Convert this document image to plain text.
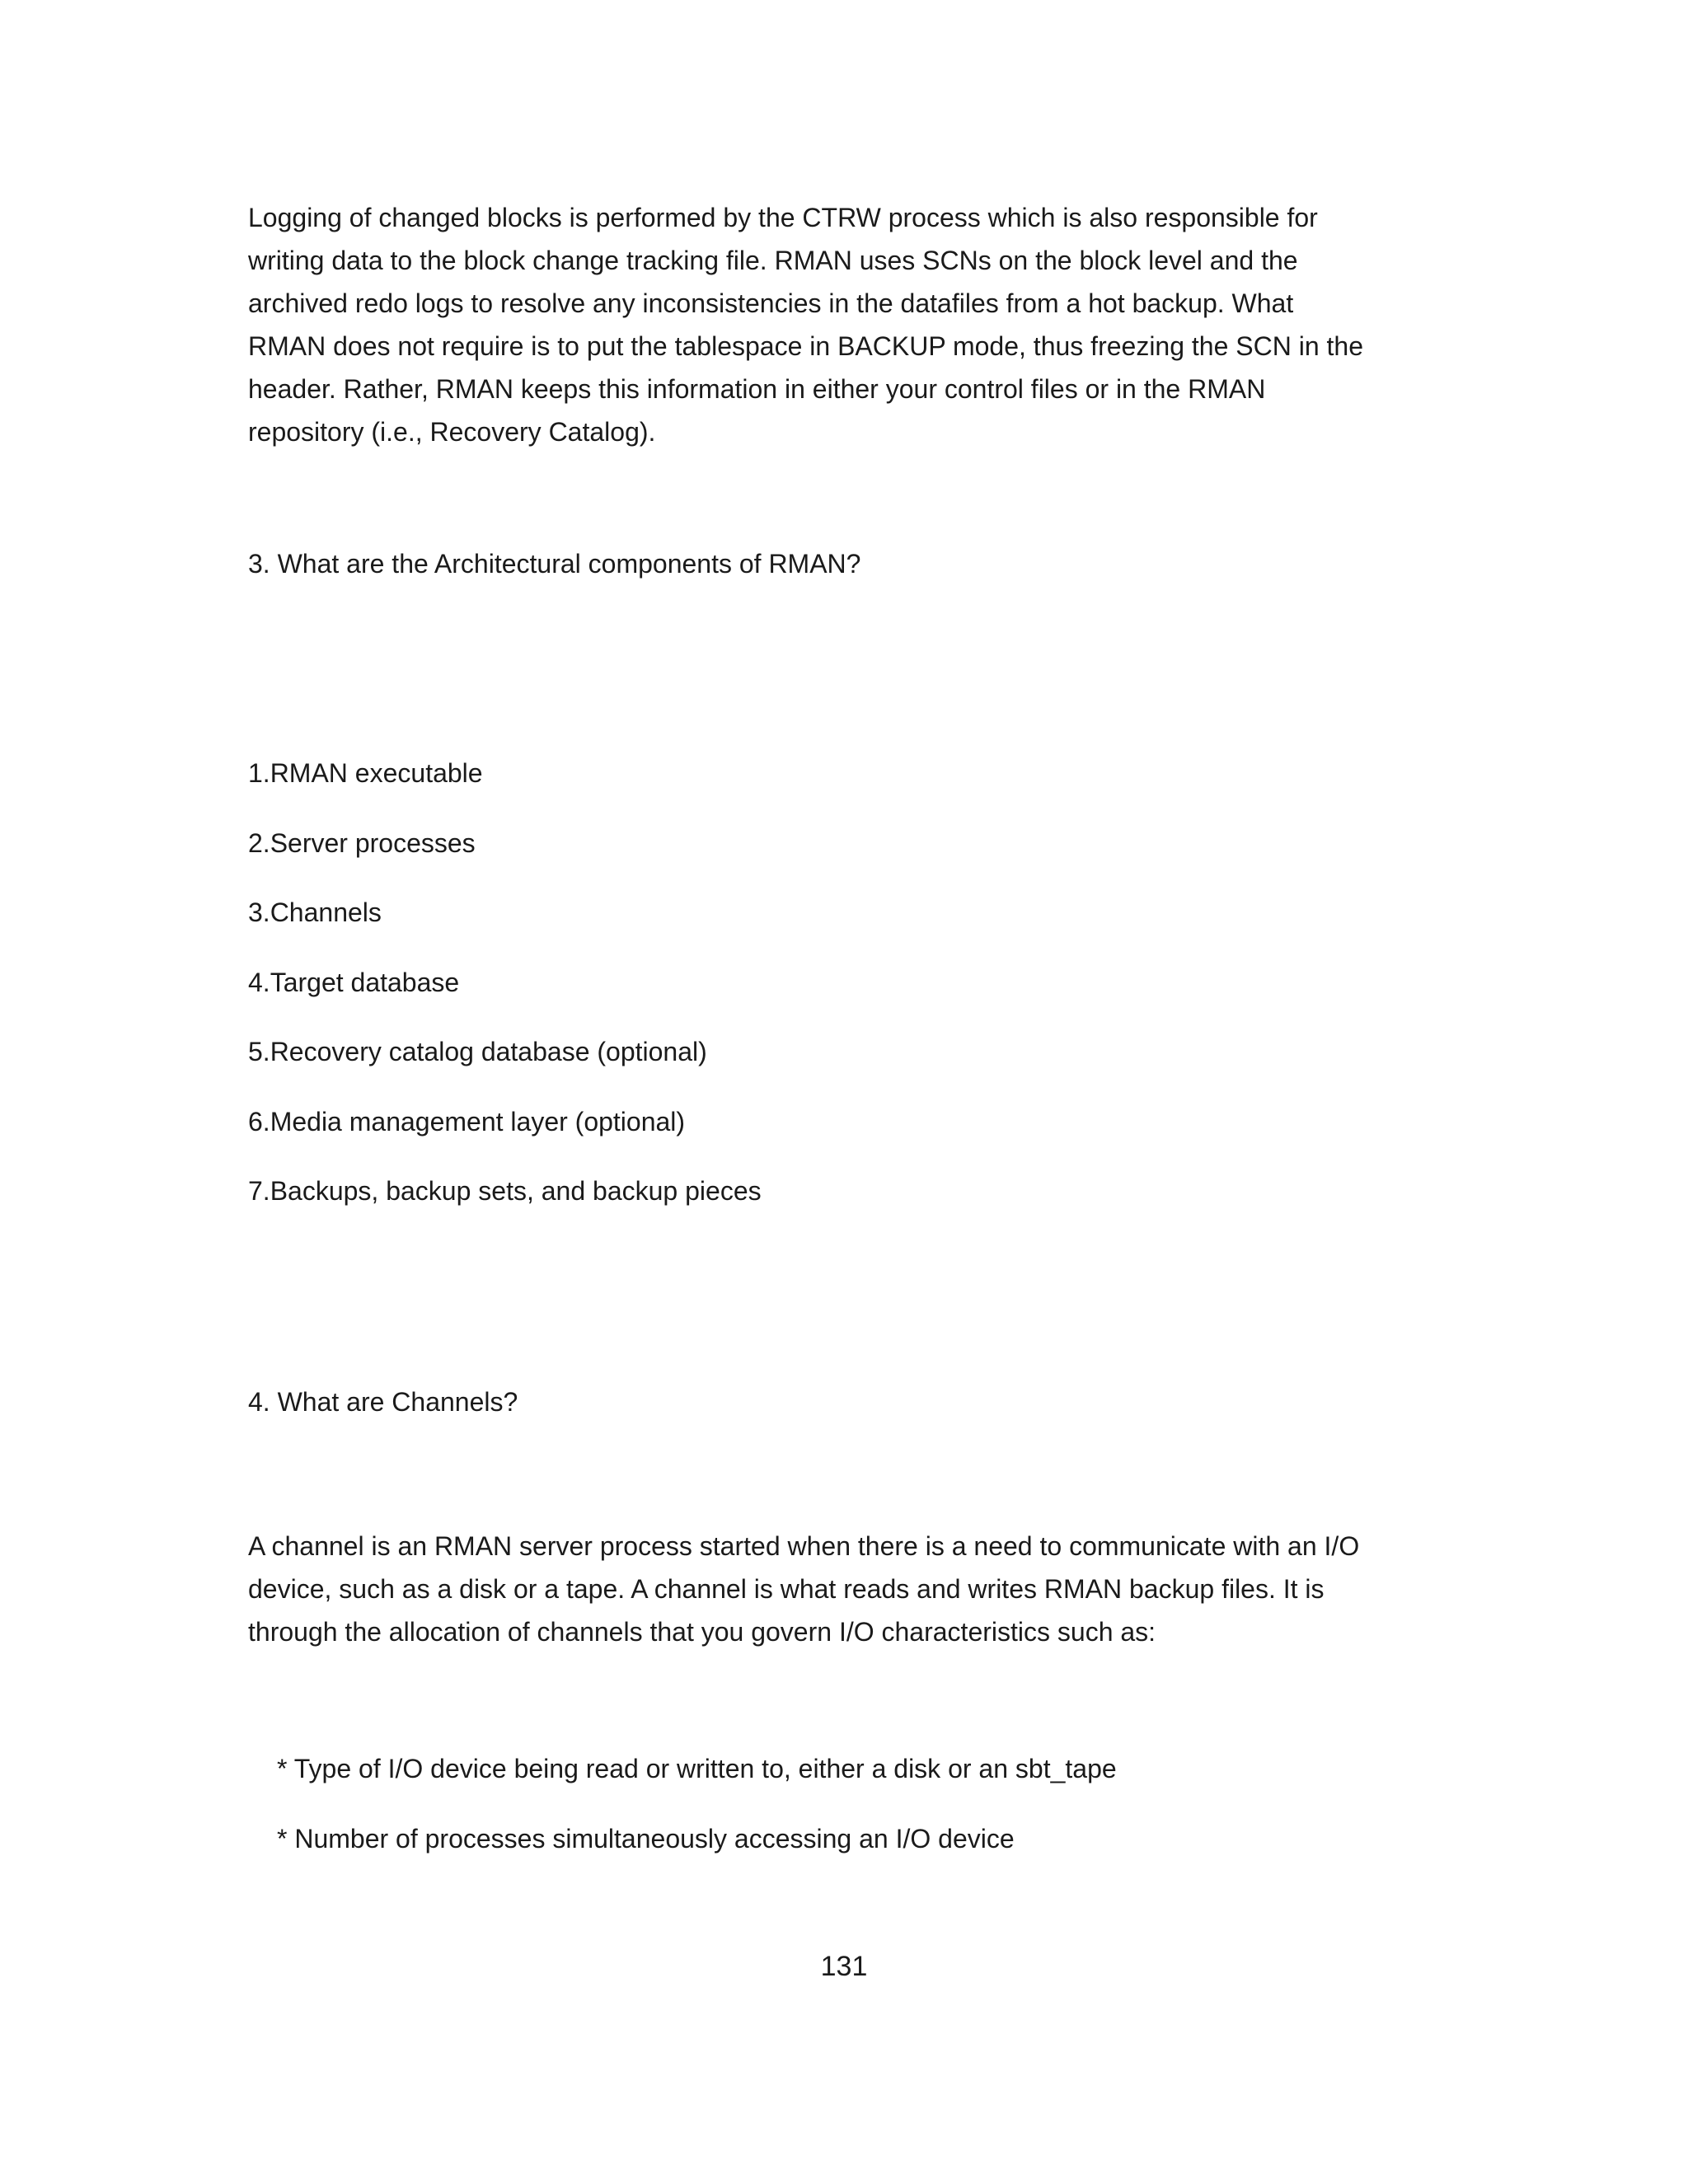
Logging of changed blocks is performed by the CTRW process which is also responsible for
writing data to the block change tracking file. RMAN uses SCNs on the block level and the
archived redo logs to resolve any inconsistencies in the datafiles from a hot backup. What
RMAN does not require is to put the tablespace in BACKUP mode, thus freezing the SCN in the
header. Rather, RMAN keeps this information in either your control files or in the RMAN
repository (i.e., Recovery Catalog).

3. What are the Architectural components of RMAN?

1.RMAN executable

2.Server processes

3.Channels

4.Target database

5.Recovery catalog database (optional)

6.Media management layer (optional)

7.Backups, backup sets, and backup pieces

4. What are Channels?

A channel is an RMAN server process started when there is a need to communicate with an I/O
device, such as a disk or a tape. A channel is what reads and writes RMAN backup files. It is
through the allocation of channels that you govern I/O characteristics such as:

* Type of I/O device being read or written to, either a disk or an sbt_tape

* Number of processes simultaneously accessing an I/O device

131
